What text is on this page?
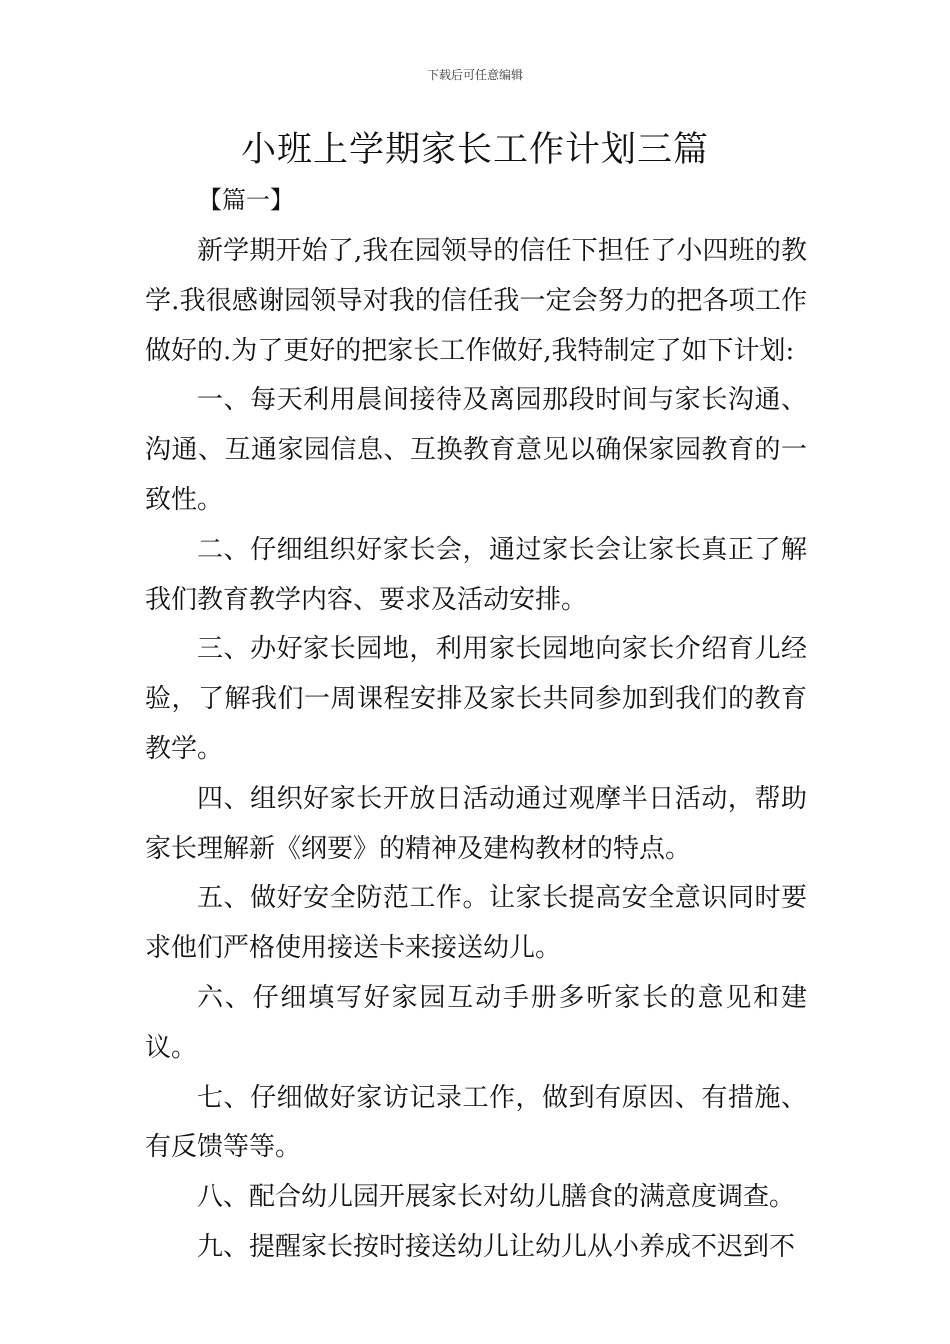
下载后可任意编辑
小班上学期家长工作计划三篇
【篇一】

新学期开始了,我在园领导的信任下担任了小四班的教学.我很感谢园领导对我的信任我一定会努力的把各项工作做好的.为了更好的把家长工作做好,我特制定了如下计划:

一、每天利用晨间接待及离园那段时间与家长沟通、沟通、互通家园信息、互换教育意见以确保家园教育的一致性。

二、仔细组织好家长会，通过家长会让家长真正了解我们教育教学内容、要求及活动安排。

三、办好家长园地，利用家长园地向家长介绍育儿经验，了解我们一周课程安排及家长共同参加到我们的教育教学。

四、组织好家长开放日活动通过观摩半日活动，帮助家长理解新《纲要》的精神及建构教材的特点。

五、做好安全防范工作。让家长提高安全意识同时要求他们严格使用接送卡来接送幼儿。

六、仔细填写好家园互动手册多听家长的意见和建议。

七、仔细做好家访记录工作，做到有原因、有措施、有反馈等等。

八、配合幼儿园开展家长对幼儿膳食的满意度调查。

九、提醒家长按时接送幼儿让幼儿从小养成不迟到不
